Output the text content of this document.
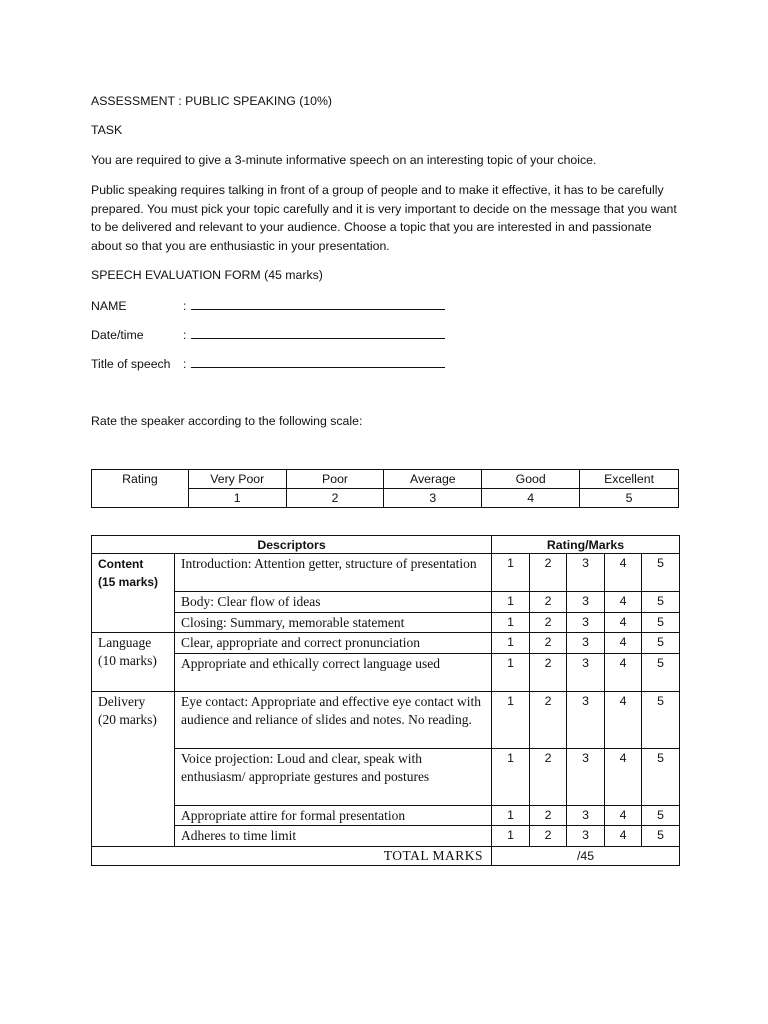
ASSESSMENT : PUBLIC SPEAKING (10%)
TASK
You are required to give a 3-minute informative speech on an interesting topic of your choice.

Public speaking requires talking in front of a group of people and to make it effective, it has to be carefully prepared. You must pick your topic carefully and it is very important to decide on the message that you want to be delivered and relevant to your audience. Choose a topic that you are interested in and passionate about so that you are enthusiastic in your presentation.

SPEECH EVALUATION FORM (45 marks)
NAME	:
Date/time	:
Title of speech :
Rate the speaker according to the following scale:
Rating	Very Poor	Poor	Average	Good	Excellent
	1	2	3	4	5
Descriptors		Rating/Marks				

Content
(15 marks)	Introduction: Attention getter, structure of presentation	1	2	3	4	5
	Body: Clear flow of ideas	1	2	3	4	5
	Closing: Summary, memorable statement	1	2	3	4	5

Language
(10 marks)	Clear, appropriate and correct pronunciation	1	2	3	4	5
	Appropriate and ethically correct language used	1	2	3	4	5

Delivery
(20 marks)	Eye contact: Appropriate and effective eye contact with audience and reliance of slides and notes. No reading.	1	2	3	4	5
	Voice projection: Loud and clear, speak with enthusiasm/ appropriate gestures and postures	1	2	3	4	5
	Appropriate attire for formal presentation	1	2	3	4	5
	Adheres to time limit	1	2	3	4	5
TOTAL MARKS		/45				
